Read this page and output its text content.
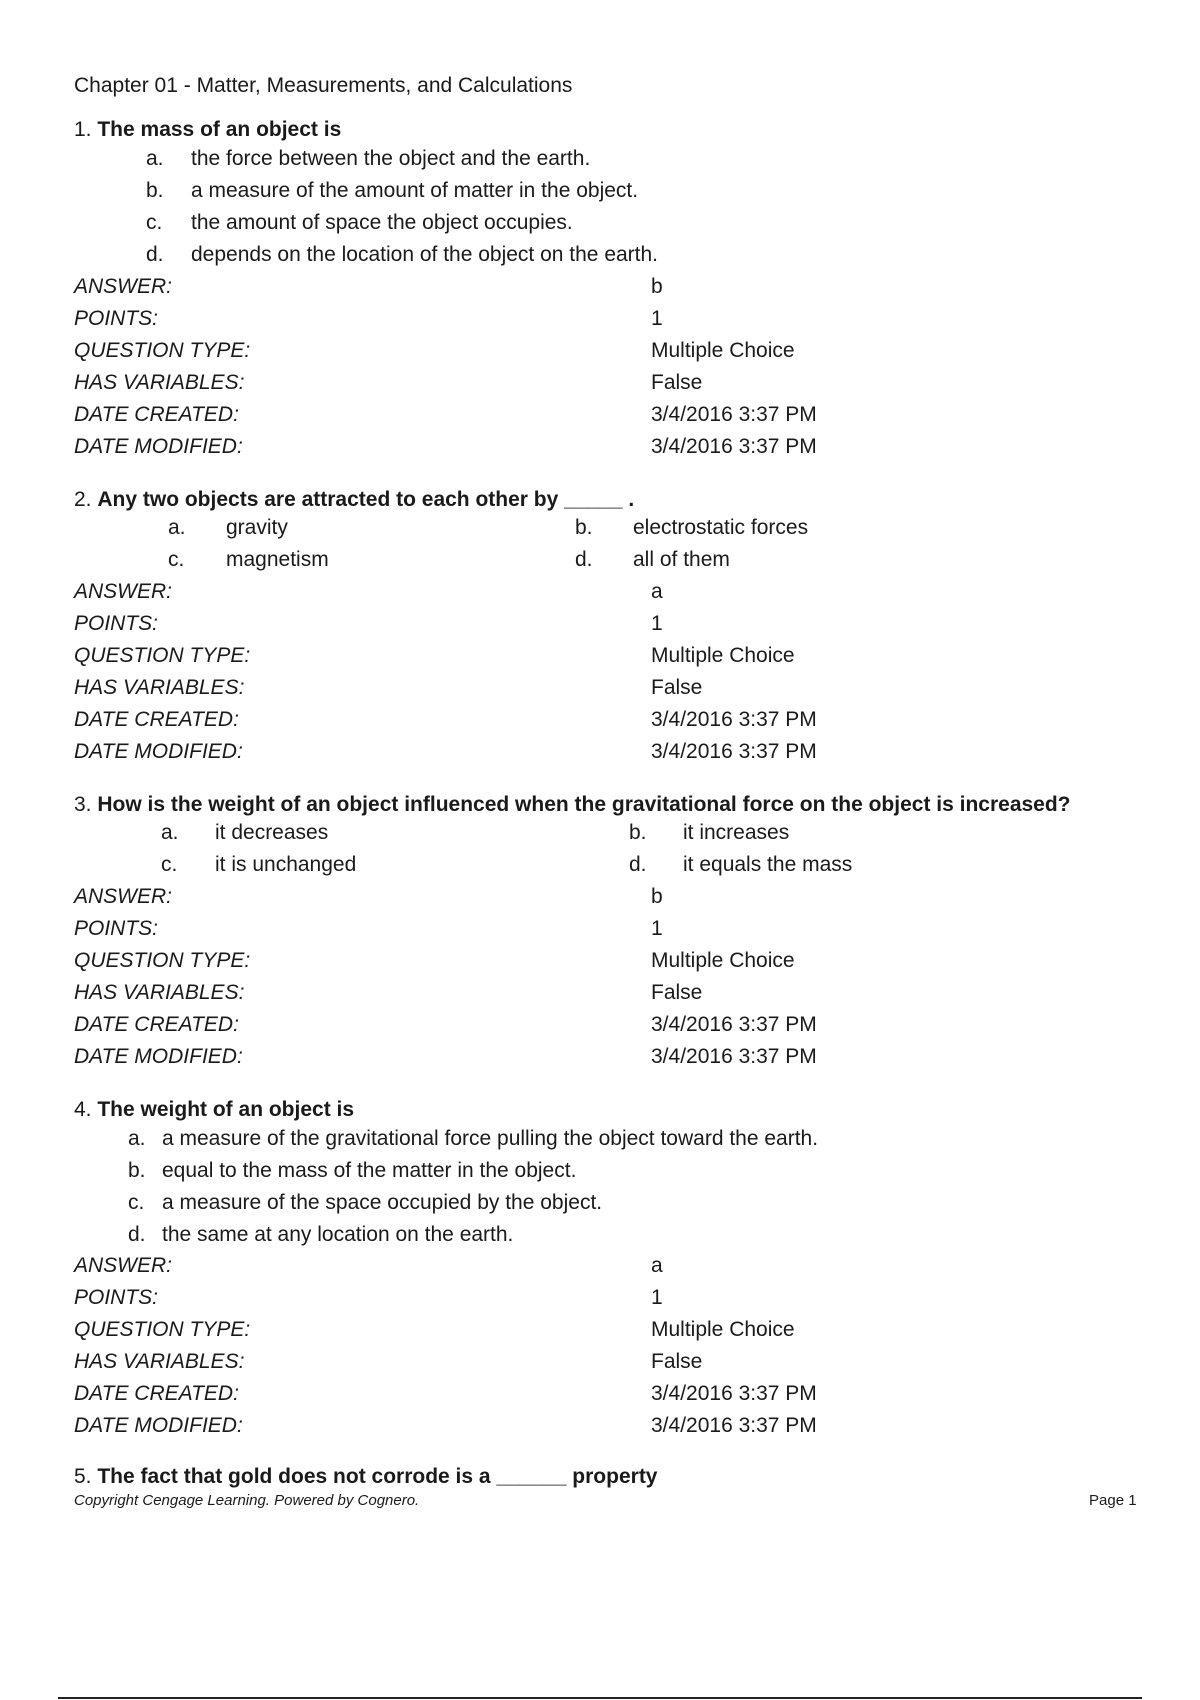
Chapter 01 - Matter, Measurements, and Calculations
1. The mass of an object is
a. the force between the object and the earth.
b. a measure of the amount of matter in the object.
c. the amount of space the object occupies.
d. depends on the location of the object on the earth.
ANSWER:	b
POINTS:	1
QUESTION TYPE:	Multiple Choice
HAS VARIABLES:	False
DATE CREATED:	3/4/2016 3:37 PM
DATE MODIFIED:	3/4/2016 3:37 PM
2. Any two objects are attracted to each other by _____ .
a. gravity	b. electrostatic forces
c. magnetism	d. all of them
ANSWER:	a
POINTS:	1
QUESTION TYPE:	Multiple Choice
HAS VARIABLES:	False
DATE CREATED:	3/4/2016 3:37 PM
DATE MODIFIED:	3/4/2016 3:37 PM
3. How is the weight of an object influenced when the gravitational force on the object is increased?
a. it decreases	b. it increases
c. it is unchanged	d. it equals the mass
ANSWER:	b
POINTS:	1
QUESTION TYPE:	Multiple Choice
HAS VARIABLES:	False
DATE CREATED:	3/4/2016 3:37 PM
DATE MODIFIED:	3/4/2016 3:37 PM
4. The weight of an object is
a. a measure of the gravitational force pulling the object toward the earth.
b. equal to the mass of the matter in the object.
c. a measure of the space occupied by the object.
d. the same at any location on the earth.
ANSWER:	a
POINTS:	1
QUESTION TYPE:	Multiple Choice
HAS VARIABLES:	False
DATE CREATED:	3/4/2016 3:37 PM
DATE MODIFIED:	3/4/2016 3:37 PM
5. The fact that gold does not corrode is a ______ property
Copyright Cengage Learning. Powered by Cognero.	Page 1
